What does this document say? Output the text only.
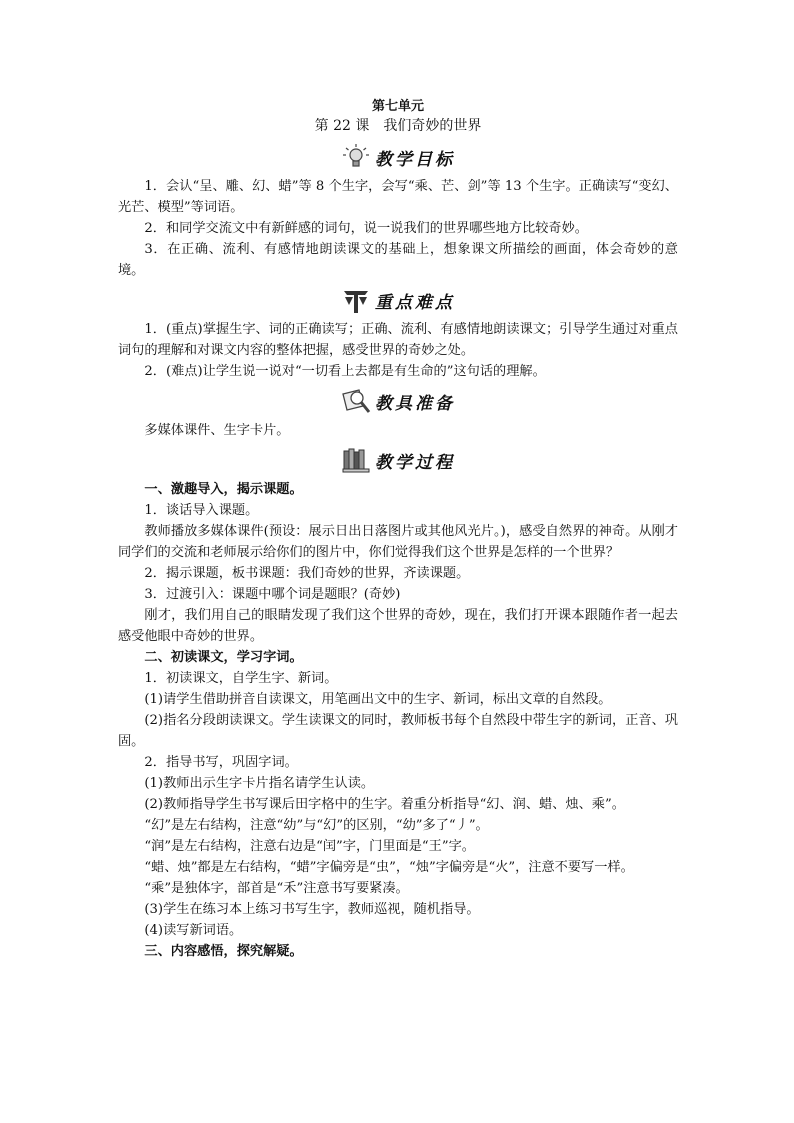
第七单元
第 22 课　我们奇妙的世界
教学目标

1．会认“呈、雕、幻、蜡”等 8 个生字，会写“乘、芒、剑”等 13 个生字。正确读写“变幻、光芒、模型”等词语。

2．和同学交流文中有新鲜感的词句，说一说我们的世界哪些地方比较奇妙。

3．在正确、流利、有感情地朗读课文的基础上，想象课文所描绘的画面，体会奇妙的意境。

重点难点

1．(重点)掌握生字、词的正确读写；正确、流利、有感情地朗读课文；引导学生通过对重点词句的理解和对课文内容的整体把握，感受世界的奇妙之处。

2．(难点)让学生说一说对“一切看上去都是有生命的”这句话的理解。

教具准备

多媒体课件、生字卡片。

教学过程

一、激趣导入，揭示课题。

1．谈话导入课题。

教师播放多媒体课件(预设：展示日出日落图片或其他风光片。)，感受自然界的神奇。从刚才同学们的交流和老师展示给你们的图片中，你们觉得我们这个世界是怎样的一个世界？

2．揭示课题，板书课题：我们奇妙的世界，齐读课题。

3．过渡引入：课题中哪个词是题眼？(奇妙)

刚才，我们用自己的眼睛发现了我们这个世界的奇妙，现在，我们打开课本跟随作者一起去感受他眼中奇妙的世界。

二、初读课文，学习字词。

1．初读课文，自学生字、新词。

(1)请学生借助拼音自读课文，用笔画出文中的生字、新词，标出文章的自然段。

(2)指名分段朗读课文。学生读课文的同时，教师板书每个自然段中带生字的新词，正音、巩固。

2．指导书写，巩固字词。

(1)教师出示生字卡片指名请学生认读。

(2)教师指导学生书写课后田字格中的生字。着重分析指导“幻、润、蜡、烛、乘”。

“幻”是左右结构，注意“幼”与“幻”的区别，“幼”多了“丿”。

“润”是左右结构，注意右边是“闰”字，门里面是“王”字。

“蜡、烛”都是左右结构，“蜡”字偏旁是“虫”，“烛”字偏旁是“火”，注意不要写一样。

“乘”是独体字，部首是“禾”注意书写要紧凑。

(3)学生在练习本上练习书写生字，教师巡视，随机指导。

(4)读写新词语。

三、内容感悟，探究解疑。
